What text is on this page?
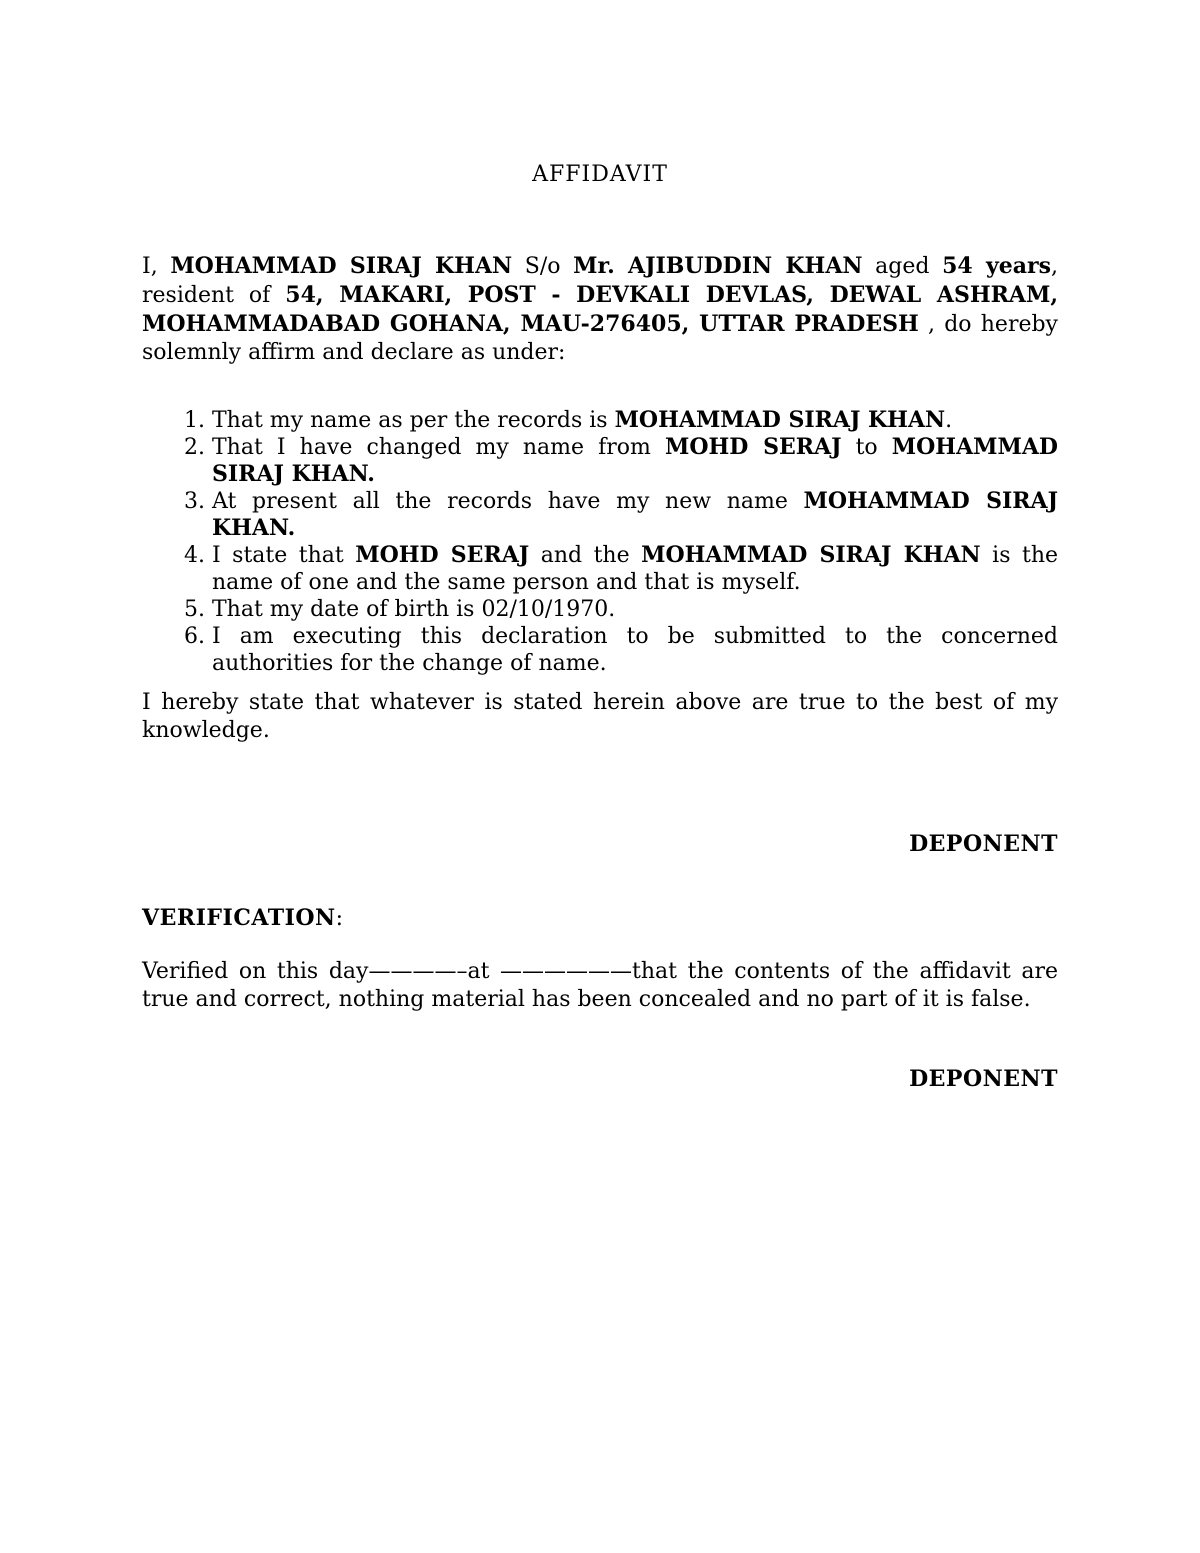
AFFIDAVIT

I, MOHAMMAD SIRAJ KHAN S/o Mr. AJIBUDDIN KHAN aged 54 years, resident of 54, MAKARI, POST - DEVKALI DEVLAS, DEWAL ASHRAM, MOHAMMADABAD GOHANA, MAU-276405, UTTAR PRADESH , do hereby solemnly affirm and declare as under:

1. That my name as per the records is MOHAMMAD SIRAJ KHAN.
2. That I have changed my name from MOHD SERAJ to MOHAMMAD SIRAJ KHAN.
3. At present all the records have my new name MOHAMMAD SIRAJ KHAN.
4. I state that MOHD SERAJ and the MOHAMMAD SIRAJ KHAN is the name of one and the same person and that is myself.
5. That my date of birth is 02/10/1970.
6. I am executing this declaration to be submitted to the concerned authorities for the change of name.

I hereby state that whatever is stated herein above are true to the best of my knowledge.

DEPONENT

VERIFICATION:

Verified on this day————–at ——————that the contents of the affidavit are true and correct, nothing material has been concealed and no part of it is false.

DEPONENT
